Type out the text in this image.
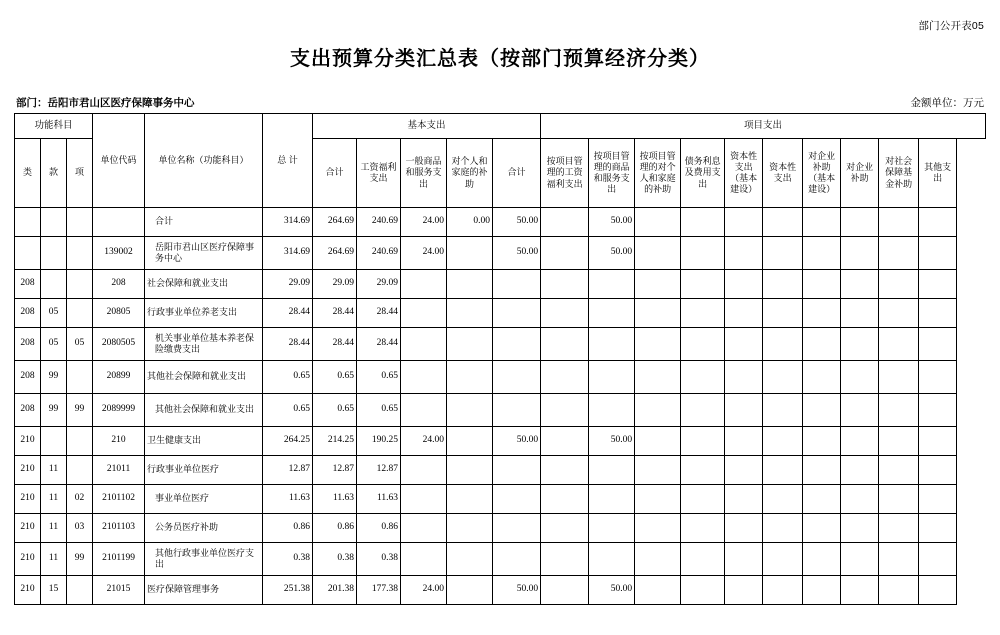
部门公开表05
支出预算分类汇总表（按部门预算经济分类）
部门：岳阳市君山区医疗保障事务中心	金额单位：万元
功能科目			单位代码	单位名称（功能科目）	总 计	基本支出					项目支出									
类	款	项				合计	工资福利支出	一般商品和服务支出	对个人和家庭的补助	合计	按项目管理的工资福利支出	按项目管理的商品和服务支出	按项目管理的对个人和家庭的补助	债务利息及费用支出	资本性支出（基本建设）	资本性支出	对企业补助（基本建设）	对企业补助	对社会保障基金补助	其他支出
				合计	314.69	264.69	240.69	24.00	0.00	50.00		50.00								
			139002	岳阳市君山区医疗保障事务中心	314.69	264.69	240.69	24.00		50.00		50.00								
208			208	社会保障和就业支出	29.09	29.09	29.09													
208	05		20805	行政事业单位养老支出	28.44	28.44	28.44													
208	05	05	2080505	机关事业单位基本养老保险缴费支出	28.44	28.44	28.44													
208	99		20899	其他社会保障和就业支出	0.65	0.65	0.65													
208	99	99	2089999	其他社会保障和就业支出	0.65	0.65	0.65													
210			210	卫生健康支出	264.25	214.25	190.25	24.00		50.00		50.00								
210	11		21011	行政事业单位医疗	12.87	12.87	12.87													
210	11	02	2101102	事业单位医疗	11.63	11.63	11.63													
210	11	03	2101103	公务员医疗补助	0.86	0.86	0.86													
210	11	99	2101199	其他行政事业单位医疗支出	0.38	0.38	0.38													
210	15		21015	医疗保障管理事务	251.38	201.38	177.38	24.00		50.00		50.00								
